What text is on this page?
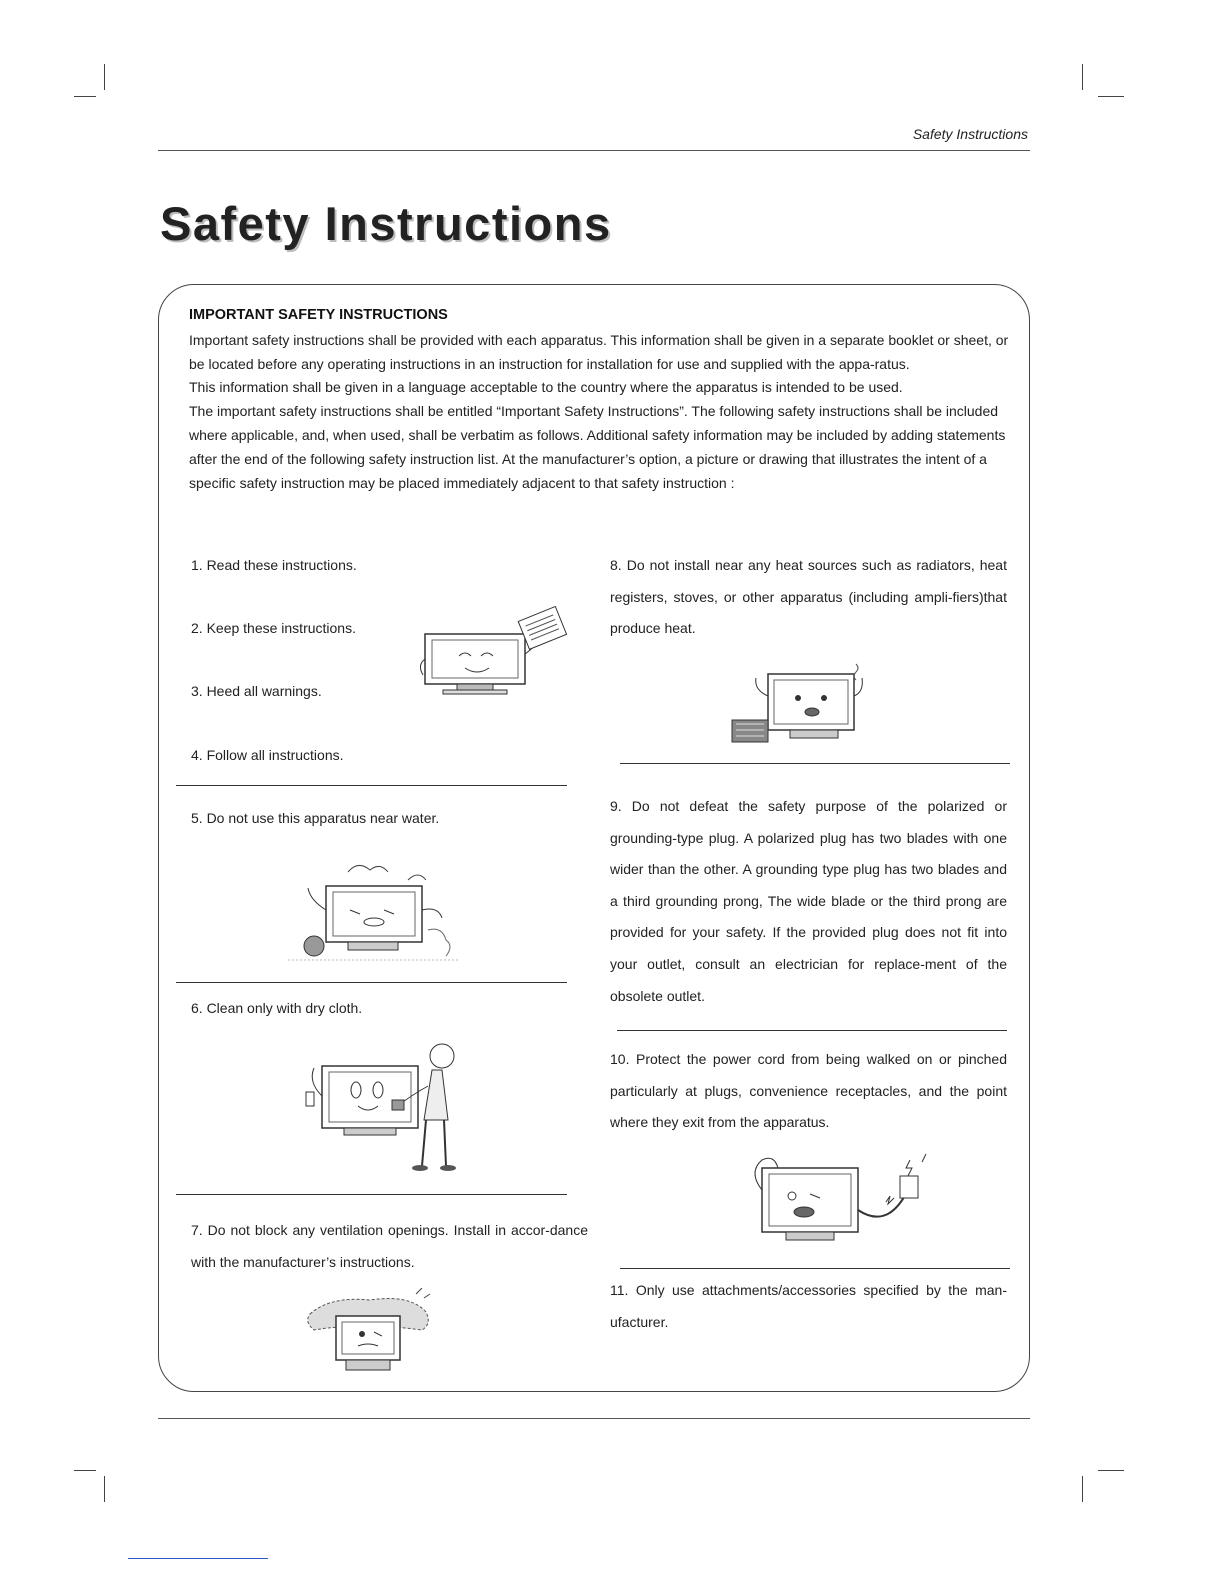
Safety Instructions
Safety Instructions
IMPORTANT SAFETY INSTRUCTIONS

Important safety instructions shall be provided with each apparatus. This information shall be given in a separate booklet or sheet, or be located before any operating instructions in an instruction for installation for use and supplied with the appa-ratus.

This information shall be given in a language acceptable to the country where the apparatus is intended to be used.

The important safety instructions shall be entitled “Important Safety Instructions”. The following safety instructions shall be included where applicable, and, when used, shall be verbatim as follows. Additional safety information may be included by adding statements after the end of the following safety instruction list. At the manufacturer’s option, a picture or drawing that illustrates the intent of a specific safety instruction may be placed immediately adjacent to that safety instruction :

1. Read these instructions.

2. Keep these instructions.

3. Heed all warnings.

4. Follow all instructions.

5. Do not use this apparatus near water.

6. Clean only with dry cloth.

7. Do not block any ventilation openings. Install in accor-dance with the manufacturer’s instructions.

8. Do not install near any heat sources such as radiators, heat registers, stoves, or other apparatus (including ampli-fiers)that produce heat.

9. Do not defeat the safety purpose of the polarized or grounding-type plug. A polarized plug has two blades with one wider than the other. A grounding type plug has two blades and a third grounding prong, The wide blade or the third prong are provided for your safety. If the provided plug does not fit into your outlet, consult an electrician for replace-ment of the obsolete outlet.

10. Protect the power cord from being walked on or pinched particularly at plugs, convenience receptacles, and the point where they exit from the apparatus.

11. Only use attachments/accessories specified by the man-ufacturer.
